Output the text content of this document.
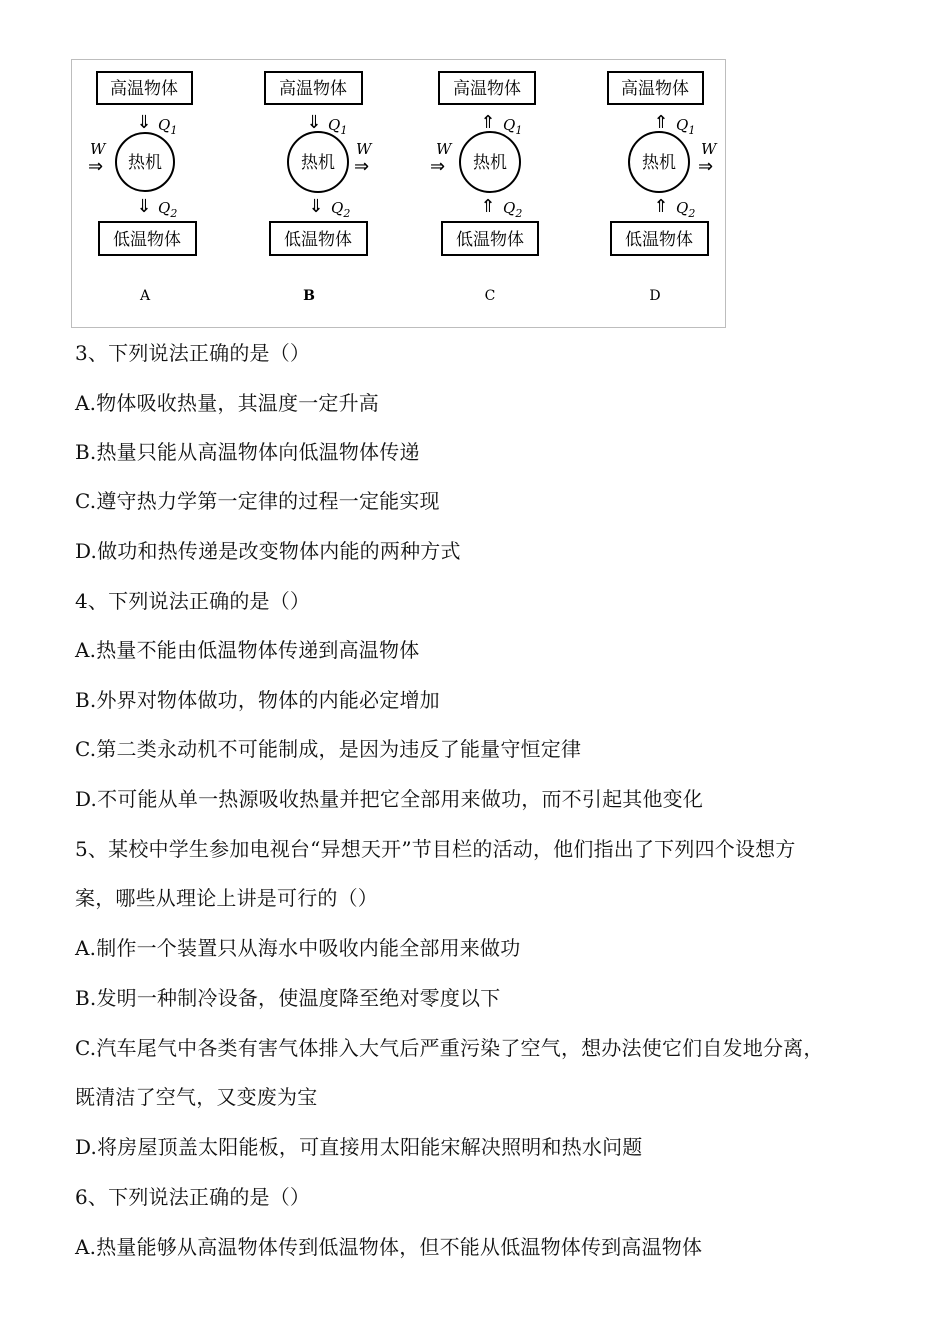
高温物体
⇓ $Q_1$
热机
W
⇒
⇓ $Q_2$
低温物体
A
高温物体
⇓ $Q_1$
热机
W
⇒
⇓ $Q_2$
低温物体
B
高温物体
⇑ $Q_1$
热机
W
⇒
⇑ $Q_2$
低温物体
C
高温物体
⇑ $Q_1$
热机
W
⇒
⇑ $Q_2$
低温物体
D
3、下列说法正确的是（）
A.物体吸收热量，其温度一定升高
B.热量只能从高温物体向低温物体传递
C.遵守热力学第一定律的过程一定能实现
D.做功和热传递是改变物体内能的两种方式
4、下列说法正确的是（）
A.热量不能由低温物体传递到高温物体
B.外界对物体做功，物体的内能必定增加
C.第二类永动机不可能制成，是因为违反了能量守恒定律
D.不可能从单一热源吸收热量并把它全部用来做功，而不引起其他变化
5、某校中学生参加电视台“异想天开”节目栏的活动，他们指出了下列四个设想方
案，哪些从理论上讲是可行的（）
A.制作一个装置只从海水中吸收内能全部用来做功
B.发明一种制冷设备，使温度降至绝对零度以下
C.汽车尾气中各类有害气体排入大气后严重污染了空气，想办法使它们自发地分离，
既清洁了空气，又变废为宝
D.将房屋顶盖太阳能板，可直接用太阳能宋解决照明和热水问题
6、下列说法正确的是（）
A.热量能够从高温物体传到低温物体，但不能从低温物体传到高温物体
